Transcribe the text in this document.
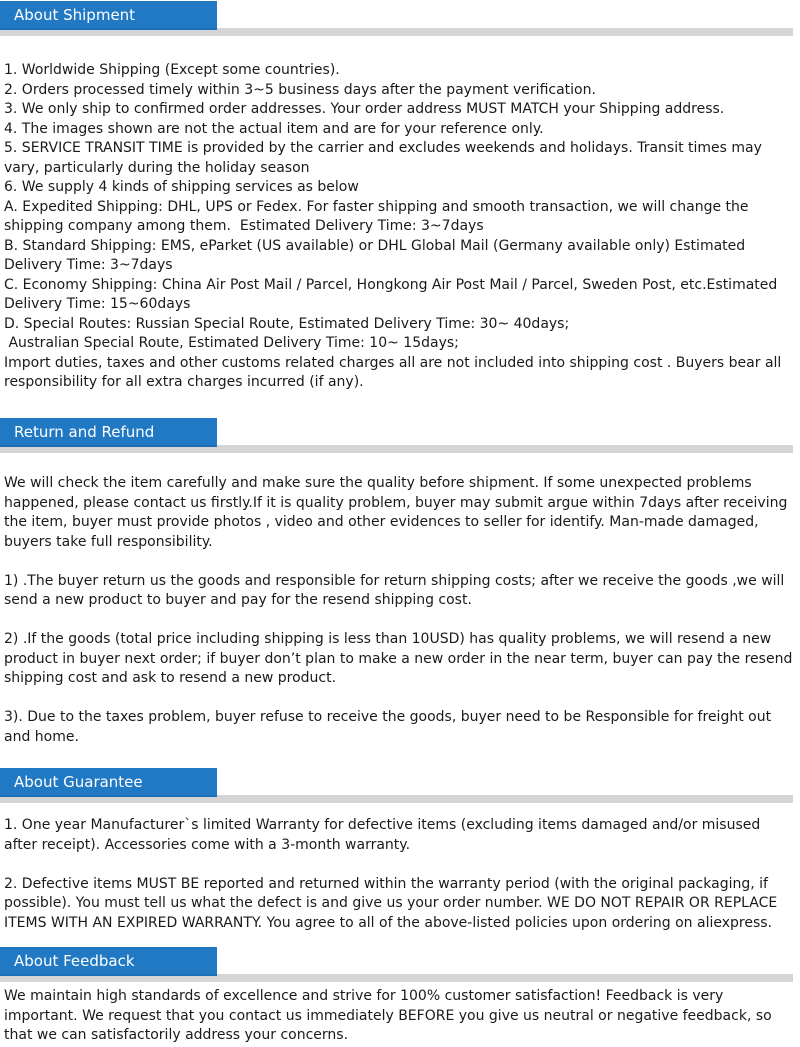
About Shipment

1. Worldwide Shipping (Except some countries).

2. Orders processed timely within 3~5 business days after the payment verification.

3. We only ship to confirmed order addresses. Your order address MUST MATCH your Shipping address.

4. The images shown are not the actual item and are for your reference only.

5. SERVICE TRANSIT TIME is provided by the carrier and excludes weekends and holidays. Transit times may vary, particularly during the holiday season

6. We supply 4 kinds of shipping services as below

A. Expedited Shipping: DHL, UPS or Fedex. For faster shipping and smooth transaction, we will change the shipping company among them.  Estimated Delivery Time: 3~7days

B. Standard Shipping: EMS, eParket (US available) or DHL Global Mail (Germany available only) Estimated Delivery Time: 3~7days

C. Economy Shipping: China Air Post Mail / Parcel, Hongkong Air Post Mail / Parcel, Sweden Post, etc.Estimated Delivery Time: 15~60days

D. Special Routes: Russian Special Route, Estimated Delivery Time: 30~ 40days;

Australian Special Route, Estimated Delivery Time: 10~ 15days;

Import duties, taxes and other customs related charges all are not included into shipping cost . Buyers bear all responsibility for all extra charges incurred (if any).

Return and Refund

We will check the item carefully and make sure the quality before shipment. If some unexpected problems happened, please contact us firstly.If it is quality problem, buyer may submit argue within 7days after receiving the item, buyer must provide photos , video and other evidences to seller for identify. Man-made damaged, buyers take full responsibility.

1) .The buyer return us the goods and responsible for return shipping costs; after we receive the goods ,we will send a new product to buyer and pay for the resend shipping cost.

2) .If the goods (total price including shipping is less than 10USD) has quality problems, we will resend a new product in buyer next order; if buyer don’t plan to make a new order in the near term, buyer can pay the resend shipping cost and ask to resend a new product.

3). Due to the taxes problem, buyer refuse to receive the goods, buyer need to be Responsible for freight out and home.

About Guarantee

1. One year Manufacturer`s limited Warranty for defective items (excluding items damaged and/or misused after receipt). Accessories come with a 3-month warranty.

2. Defective items MUST BE reported and returned within the warranty period (with the original packaging, if possible). You must tell us what the defect is and give us your order number. WE DO NOT REPAIR OR REPLACE ITEMS WITH AN EXPIRED WARRANTY. You agree to all of the above-listed policies upon ordering on aliexpress.

About Feedback

We maintain high standards of excellence and strive for 100% customer satisfaction! Feedback is very important. We request that you contact us immediately BEFORE you give us neutral or negative feedback, so that we can satisfactorily address your concerns.
